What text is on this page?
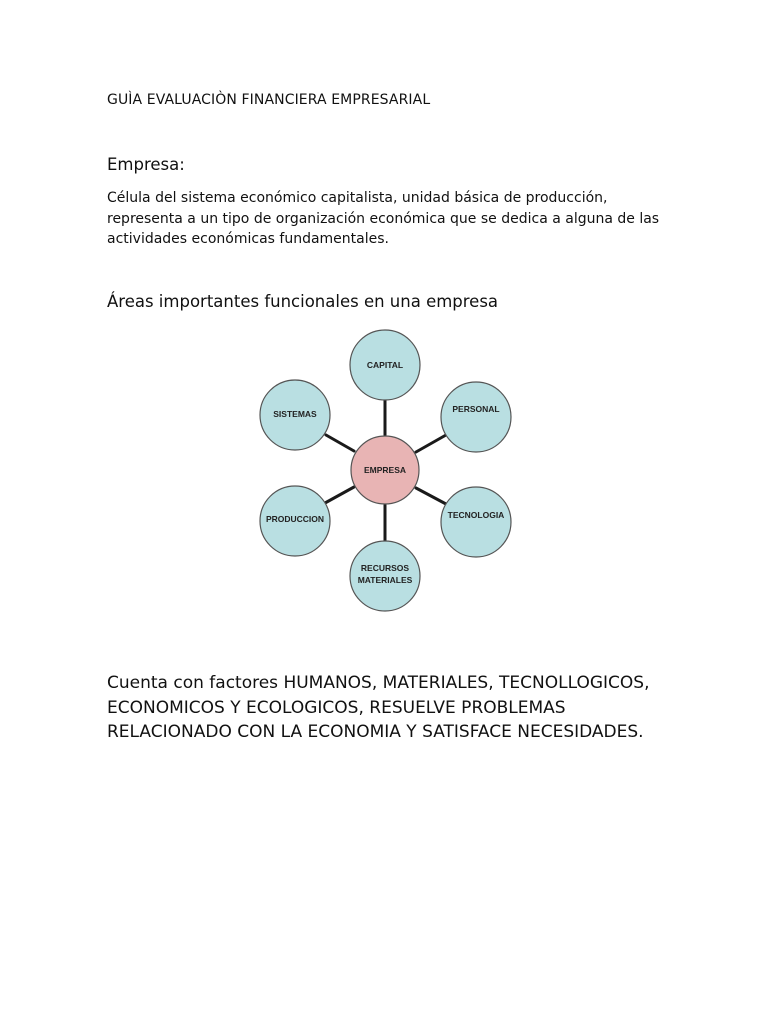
GUÌA EVALUACIÒN FINANCIERA EMPRESARIAL
Empresa:
Célula del sistema económico capitalista, unidad básica de producción, representa a un tipo de organización económica que se dedica a alguna de las actividades económicas fundamentales.
Áreas importantes funcionales en una empresa
EMPRESA
CAPITAL
PERSONAL
TECNOLOGIA
RECURSOS
MATERIALES
PRODUCCION
SISTEMAS
Cuenta con factores HUMANOS, MATERIALES, TECNOLLOGICOS, ECONOMICOS Y ECOLOGICOS, RESUELVE PROBLEMAS RELACIONADO CON LA ECONOMIA Y SATISFACE NECESIDADES.
